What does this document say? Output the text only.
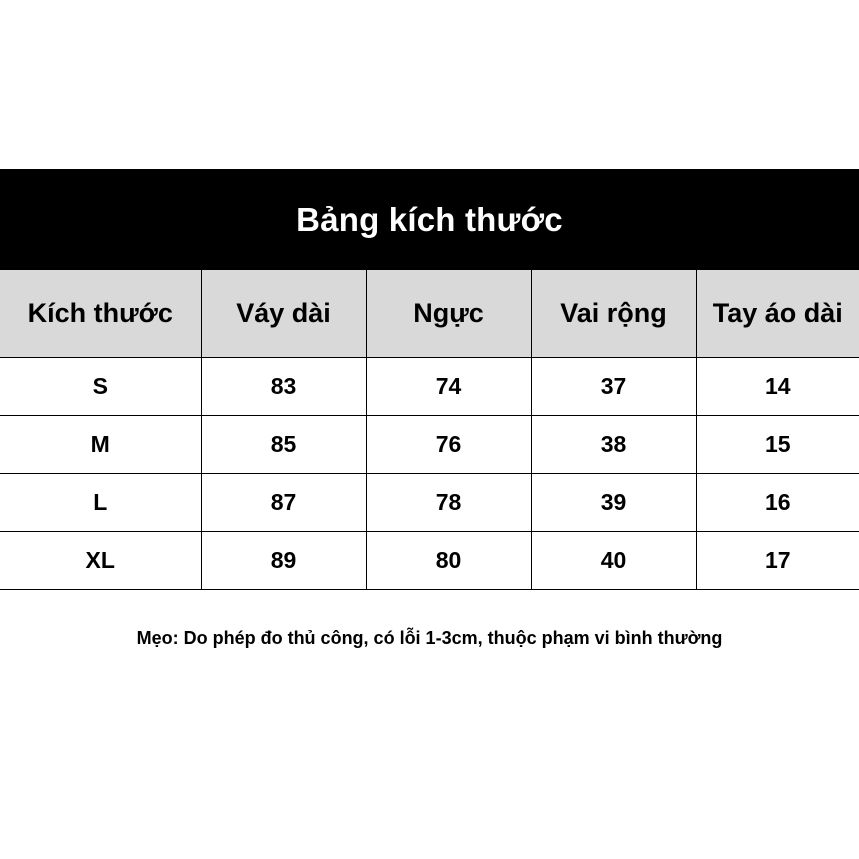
Bảng kích thước
Kích thước	Váy dài	Ngực	Vai rộng	Tay áo dài
S	83	74	37	14
M	85	76	38	15
L	87	78	39	16
XL	89	80	40	17
Mẹo: Do phép đo thủ công, có lỗi 1-3cm, thuộc phạm vi bình thường
